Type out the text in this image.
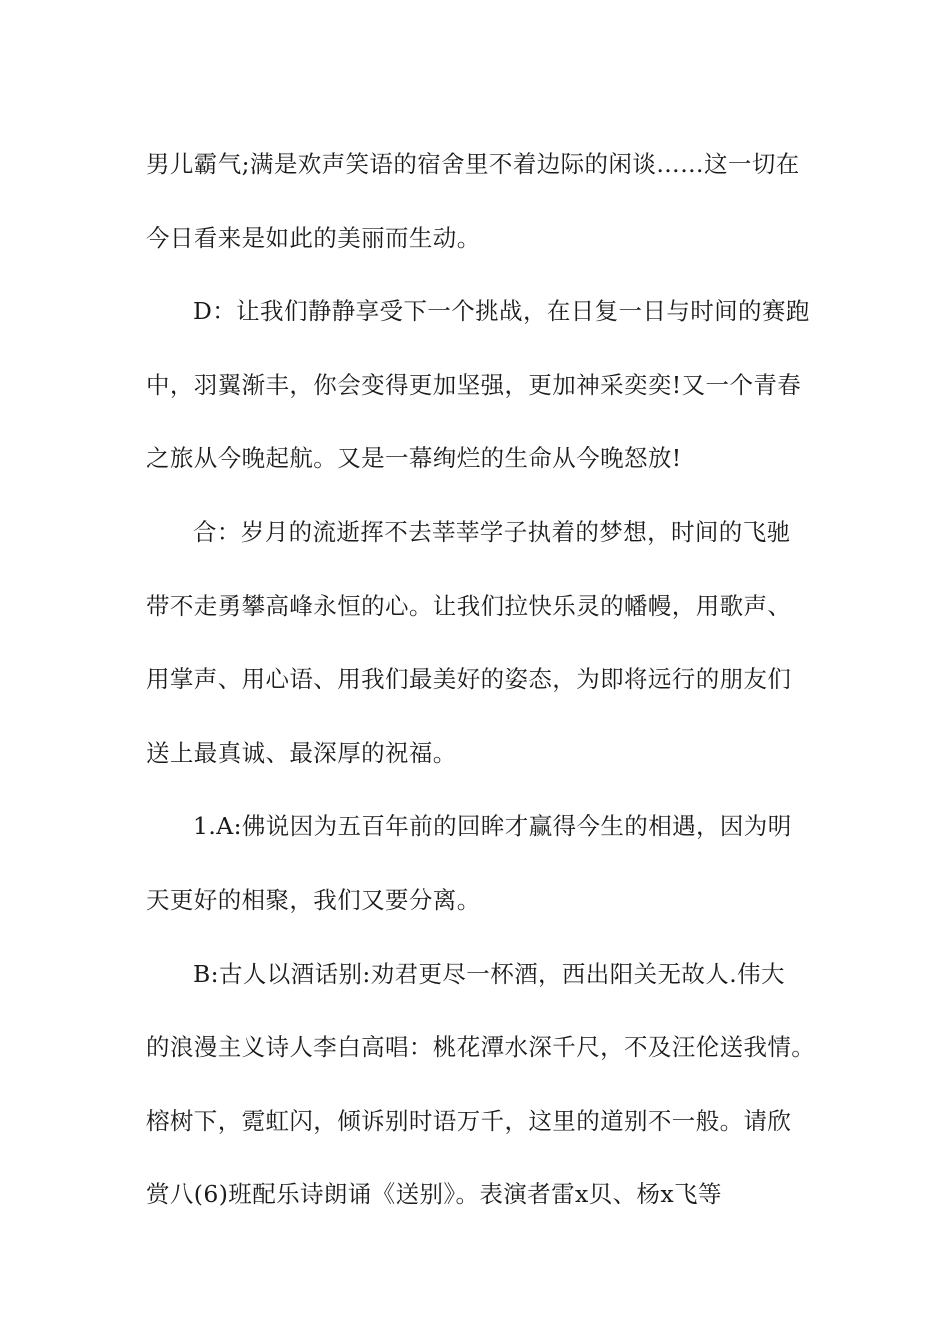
男儿霸气;满是欢声笑语的宿舍里不着边际的闲谈……这一切在
今日看来是如此的美丽而生动。
D：让我们静静享受下一个挑战，在日复一日与时间的赛跑
中，羽翼渐丰，你会变得更加坚强，更加神采奕奕!又一个青春
之旅从今晚起航。又是一幕绚烂的生命从今晚怒放!
合：岁月的流逝挥不去莘莘学子执着的梦想，时间的飞驰
带不走勇攀高峰永恒的心。让我们拉快乐灵的幡幔，用歌声、
用掌声、用心语、用我们最美好的姿态，为即将远行的朋友们
送上最真诚、最深厚的祝福。
1.A:佛说因为五百年前的回眸才赢得今生的相遇，因为明
天更好的相聚，我们又要分离。
B:古人以酒话别:劝君更尽一杯酒，西出阳关无故人.伟大
的浪漫主义诗人李白高唱：桃花潭水深千尺，不及汪伦送我情。
榕树下，霓虹闪，倾诉别时语万千，这里的道别不一般。请欣
赏八(6)班配乐诗朗诵《送别》。表演者雷x贝、杨x飞等
